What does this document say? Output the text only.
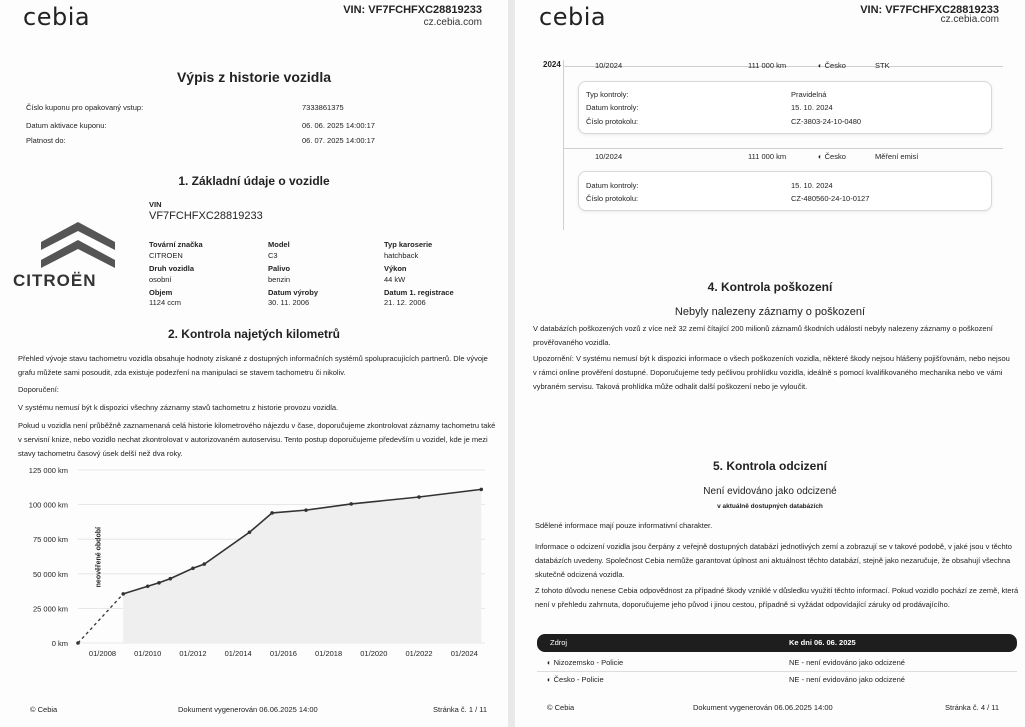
cebia	VIN: VF7FCHFXC28819233
cz.cebia.com
Výpis z historie vozidla
Číslo kuponu pro opakovaný vstup:	7333861375
Datum aktivace kuponu:	06. 06. 2025 14:00:17
Platnost do:	06. 07. 2025 14:00:17
1. Základní údaje o vozidle
CITROËN
VIN
VF7FCHFXC28819233
Tovární značka
CITROEN
Model
C3
Typ karoserie
hatchback
Druh vozidla
osobní
Palivo
benzin
Výkon
44 kW
Objem
1124 ccm
Datum výroby
30. 11. 2006
Datum 1. registrace
21. 12. 2006
2. Kontrola najetých kilometrů
Přehled vývoje stavu tachometru vozidla obsahuje hodnoty získané z dostupných informačních systémů spolupracujících partnerů. Dle vývoje grafu můžete sami posoudit, zda existuje podezření na manipulaci se stavem tachometru či nikoliv.
Doporučení:
V systému nemusí být k dispozici všechny záznamy stavů tachometru z historie provozu vozidla.
Pokud u vozidla není průběžně zaznamenaná celá historie kilometrového nájezdu v čase, doporučujeme zkontrolovat záznamy tachometru také v servisní knize, nebo vozidlo nechat zkontrolovat v autorizovaném autoservisu. Tento postup doporučujeme především u vozidel, kde je mezi stavy tachometru časový úsek delší než dva roky.
0 km
25 000 km
50 000 km
75 000 km
100 000 km
125 000 km
01/2008 01/2010 01/2012 01/2014 01/2016 01/2018 01/2020 01/2022 01/2024
neověřené období
© Cebia	Dokument vygenerován 06.06.2025 14:00	Stránka č. 1 / 11
cebia	VIN: VF7FCHFXC28819233
cz.cebia.com
2024	10/2024	111 000 km	◐ Česko	STK
Typ kontroly:	Pravidelná
Datum kontroly:	15. 10. 2024
Číslo protokolu:	CZ-3803-24-10-0480
10/2024	111 000 km	◐ Česko	Měření emisí
Datum kontroly:	15. 10. 2024
Číslo protokolu:	CZ-480560-24-10-0127
4. Kontrola poškození
Nebyly nalezeny záznamy o poškození
V databázích poškozených vozů z více než 32 zemí čítající 200 milionů záznamů škodních událostí nebyly nalezeny záznamy o poškození prověřovaného vozidla.
Upozornění: V systému nemusí být k dispozici informace o všech poškozeních vozidla, některé škody nejsou hlášeny pojišťovnám, nebo nejsou v rámci online prověření dostupné. Doporučujeme tedy pečlivou prohlídku vozidla, ideálně s pomocí kvalifikovaného mechanika nebo ve vámi vybraném servisu. Taková prohlídka může odhalit další poškození nebo je vyloučit.
5. Kontrola odcizení
Není evidováno jako odcizené
v aktuálně dostupných databázích
Sdělené informace mají pouze informativní charakter.
Informace o odcizení vozidla jsou čerpány z veřejně dostupných databází jednotlivých zemí a zobrazují se v takové podobě, v jaké jsou v těchto databázích uvedeny. Společnost Cebia nemůže garantovat úplnost ani aktuálnost těchto databází, stejně jako nezaručuje, že obsahují všechna skutečně odcizená vozidla.
Z tohoto důvodu nenese Cebia odpovědnost za případné škody vzniklé v důsledku využití těchto informací. Pokud vozidlo pochází ze země, která není v přehledu zahrnuta, doporučujeme jeho původ i jinou cestou, případně si vyžádat odpovídající záruky od prodávajícího.
Zdroj	Ke dni 06. 06. 2025
◐ Nizozemsko - Policie	NE - není evidováno jako odcizené
◐ Česko - Policie	NE - není evidováno jako odcizené
© Cebia	Dokument vygenerován 06.06.2025 14:00	Stránka č. 4 / 11
